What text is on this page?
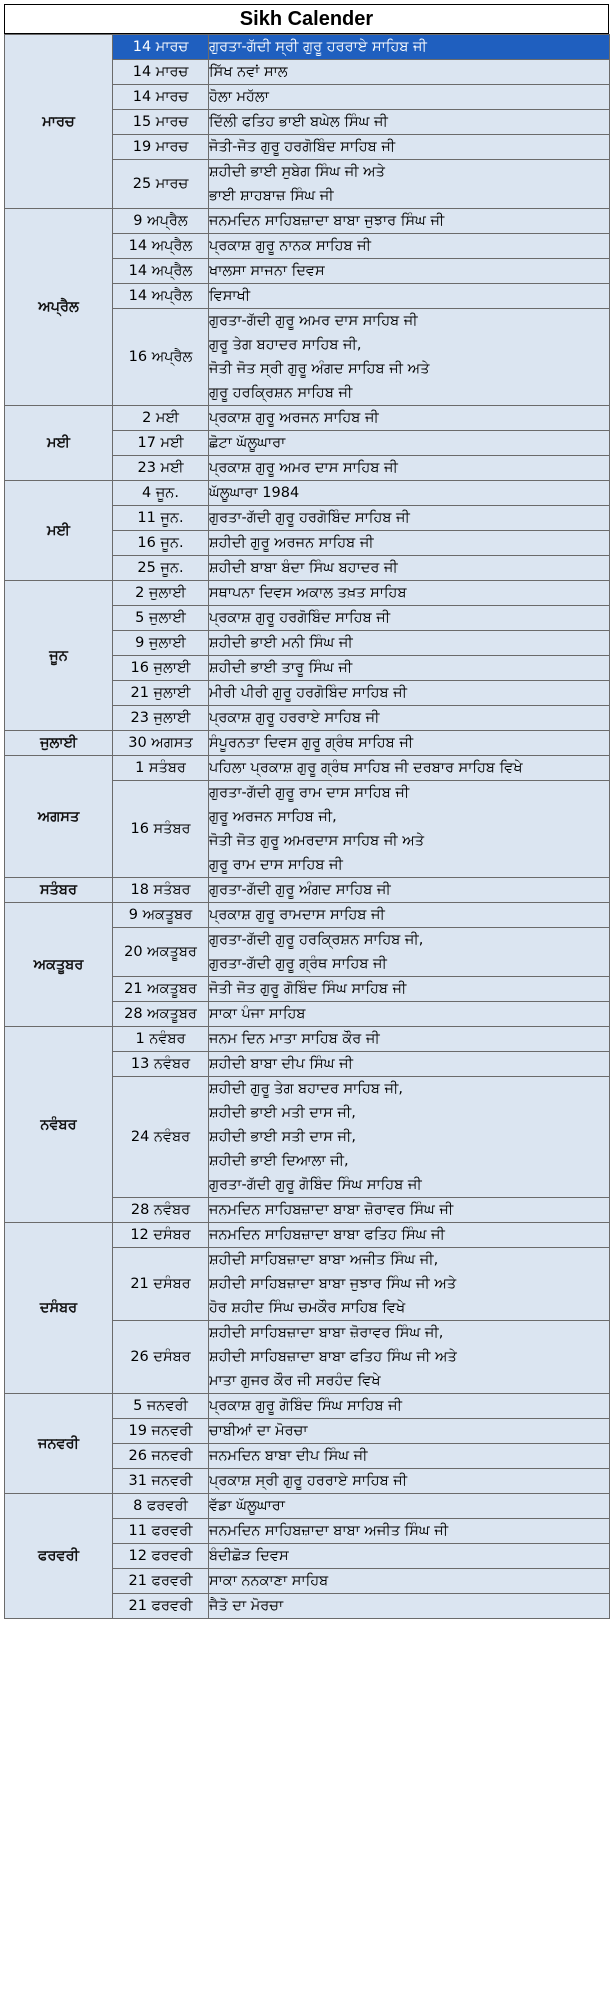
Sikh Calender
ਮਾਰਚ	14 ਮਾਰਚ	ਗੁਰਤਾ-ਗੱਦੀ ਸ੍ਰੀ ਗੁਰੂ ਹਰਰਾਏ ਸਾਹਿਬ ਜੀ

	14 ਮਾਰਚ	ਸਿੱਖ ਨਵਾਂ ਸਾਲ

	14 ਮਾਰਚ	ਹੋਲਾ ਮਹੱਲਾ

	15 ਮਾਰਚ	ਦਿੱਲੀ ਫਤਿਹ ਭਾਈ ਬਘੇਲ ਸਿੰਘ ਜੀ

	19 ਮਾਰਚ	ਜੋਤੀ-ਜੋਤ ਗੁਰੂ ਹਰਗੋਬਿੰਦ ਸਾਹਿਬ ਜੀ

	25 ਮਾਰਚ	ਸ਼ਹੀਦੀ ਭਾਈ ਸੁਬੇਗ ਸਿੰਘ ਜੀ ਅਤੇ
ਭਾਈ ਸ਼ਾਹਬਾਜ਼ ਸਿੰਘ ਜੀ

ਅਪ੍ਰੈਲ	9 ਅਪ੍ਰੈਲ	ਜਨਮਦਿਨ ਸਾਹਿਬਜ਼ਾਦਾ ਬਾਬਾ ਜੁਝਾਰ ਸਿੰਘ ਜੀ

	14 ਅਪ੍ਰੈਲ	ਪ੍ਰਕਾਸ਼ ਗੁਰੂ ਨਾਨਕ ਸਾਹਿਬ ਜੀ

	14 ਅਪ੍ਰੈਲ	ਖਾਲਸਾ ਸਾਜਨਾ ਦਿਵਸ

	14 ਅਪ੍ਰੈਲ	ਵਿਸਾਖੀ

	16 ਅਪ੍ਰੈਲ	ਗੁਰਤਾ-ਗੱਦੀ ਗੁਰੂ ਅਮਰ ਦਾਸ ਸਾਹਿਬ ਜੀ
ਗੁਰੂ ਤੇਗ ਬਹਾਦਰ ਸਾਹਿਬ ਜੀ,
ਜੋਤੀ ਜੋਤ ਸ੍ਰੀ ਗੁਰੂ ਅੰਗਦ ਸਾਹਿਬ ਜੀ ਅਤੇ
ਗੁਰੂ ਹਰਕ੍ਰਿਸ਼ਨ ਸਾਹਿਬ ਜੀ

ਮਈ	2 ਮਈ	ਪ੍ਰਕਾਸ਼ ਗੁਰੂ ਅਰਜਨ ਸਾਹਿਬ ਜੀ

	17 ਮਈ	ਛੋਟਾ ਘੱਲੂਘਾਰਾ

	23 ਮਈ	ਪ੍ਰਕਾਸ਼ ਗੁਰੂ ਅਮਰ ਦਾਸ ਸਾਹਿਬ ਜੀ

ਮਈ	4 ਜੂਨ.	ਘੱਲੂਘਾਰਾ 1984

	11 ਜੂਨ.	ਗੁਰਤਾ-ਗੱਦੀ ਗੁਰੂ ਹਰਗੋਬਿੰਦ ਸਾਹਿਬ ਜੀ

	16 ਜੂਨ.	ਸ਼ਹੀਦੀ ਗੁਰੂ ਅਰਜਨ ਸਾਹਿਬ ਜੀ

	25 ਜੂਨ.	ਸ਼ਹੀਦੀ ਬਾਬਾ ਬੰਦਾ ਸਿੰਘ ਬਹਾਦਰ ਜੀ

ਜੂਨ	2 ਜੁਲਾਈ	ਸਥਾਪਨਾ ਦਿਵਸ ਅਕਾਲ ਤਖ਼ਤ ਸਾਹਿਬ

	5 ਜੁਲਾਈ	ਪ੍ਰਕਾਸ਼ ਗੁਰੂ ਹਰਗੋਬਿੰਦ ਸਾਹਿਬ ਜੀ

	9 ਜੁਲਾਈ	ਸ਼ਹੀਦੀ ਭਾਈ ਮਨੀ ਸਿੰਘ ਜੀ

	16 ਜੁਲਾਈ	ਸ਼ਹੀਦੀ ਭਾਈ ਤਾਰੂ ਸਿੰਘ ਜੀ

	21 ਜੁਲਾਈ	ਮੀਰੀ ਪੀਰੀ ਗੁਰੂ ਹਰਗੋਬਿੰਦ ਸਾਹਿਬ ਜੀ

	23 ਜੁਲਾਈ	ਪ੍ਰਕਾਸ਼ ਗੁਰੂ ਹਰਰਾਏ ਸਾਹਿਬ ਜੀ

ਜੁਲਾਈ	30 ਅਗਸਤ	ਸੰਪੂਰਨਤਾ ਦਿਵਸ ਗੁਰੂ ਗ੍ਰੰਥ ਸਾਹਿਬ ਜੀ

ਅਗਸਤ	1 ਸਤੰਬਰ	ਪਹਿਲਾ ਪ੍ਰਕਾਸ਼ ਗੁਰੂ ਗ੍ਰੰਥ ਸਾਹਿਬ ਜੀ ਦਰਬਾਰ ਸਾਹਿਬ ਵਿਖੇ

	16 ਸਤੰਬਰ	ਗੁਰਤਾ-ਗੱਦੀ ਗੁਰੂ ਰਾਮ ਦਾਸ ਸਾਹਿਬ ਜੀ
ਗੁਰੂ ਅਰਜਨ ਸਾਹਿਬ ਜੀ,
ਜੋਤੀ ਜੋਤ ਗੁਰੂ ਅਮਰਦਾਸ ਸਾਹਿਬ ਜੀ ਅਤੇ
ਗੁਰੂ ਰਾਮ ਦਾਸ ਸਾਹਿਬ ਜੀ

ਸਤੰਬਰ	18 ਸਤੰਬਰ	ਗੁਰਤਾ-ਗੱਦੀ ਗੁਰੂ ਅੰਗਦ ਸਾਹਿਬ ਜੀ

ਅਕਤੂਬਰ	9 ਅਕਤੂਬਰ	ਪ੍ਰਕਾਸ਼ ਗੁਰੂ ਰਾਮਦਾਸ ਸਾਹਿਬ ਜੀ

	20 ਅਕਤੂਬਰ	ਗੁਰਤਾ-ਗੱਦੀ ਗੁਰੂ ਹਰਕ੍ਰਿਸ਼ਨ ਸਾਹਿਬ ਜੀ,
ਗੁਰਤਾ-ਗੱਦੀ ਗੁਰੂ ਗ੍ਰੰਥ ਸਾਹਿਬ ਜੀ

	21 ਅਕਤੂਬਰ	ਜੋਤੀ ਜੋਤ ਗੁਰੂ ਗੋਬਿੰਦ ਸਿੰਘ ਸਾਹਿਬ ਜੀ

	28 ਅਕਤੂਬਰ	ਸਾਕਾ ਪੰਜਾ ਸਾਹਿਬ

ਨਵੰਬਰ	1 ਨਵੰਬਰ	ਜਨਮ ਦਿਨ ਮਾਤਾ ਸਾਹਿਬ ਕੌਰ ਜੀ

	13 ਨਵੰਬਰ	ਸ਼ਹੀਦੀ ਬਾਬਾ ਦੀਪ ਸਿੰਘ ਜੀ

	24 ਨਵੰਬਰ	ਸ਼ਹੀਦੀ ਗੁਰੂ ਤੇਗ ਬਹਾਦਰ ਸਾਹਿਬ ਜੀ,
ਸ਼ਹੀਦੀ ਭਾਈ ਮਤੀ ਦਾਸ ਜੀ,
ਸ਼ਹੀਦੀ ਭਾਈ ਸਤੀ ਦਾਸ ਜੀ,
ਸ਼ਹੀਦੀ ਭਾਈ ਦਿਆਲਾ ਜੀ,
ਗੁਰਤਾ-ਗੱਦੀ ਗੁਰੂ ਗੋਬਿੰਦ ਸਿੰਘ ਸਾਹਿਬ ਜੀ

	28 ਨਵੰਬਰ	ਜਨਮਦਿਨ ਸਾਹਿਬਜ਼ਾਦਾ ਬਾਬਾ ਜ਼ੋਰਾਵਰ ਸਿੰਘ ਜੀ

ਦਸੰਬਰ	12 ਦਸੰਬਰ	ਜਨਮਦਿਨ ਸਾਹਿਬਜ਼ਾਦਾ ਬਾਬਾ ਫਤਿਹ ਸਿੰਘ ਜੀ

	21 ਦਸੰਬਰ	ਸ਼ਹੀਦੀ ਸਾਹਿਬਜ਼ਾਦਾ ਬਾਬਾ ਅਜੀਤ ਸਿੰਘ ਜੀ,
ਸ਼ਹੀਦੀ ਸਾਹਿਬਜ਼ਾਦਾ ਬਾਬਾ ਜੁਝਾਰ ਸਿੰਘ ਜੀ ਅਤੇ
ਹੋਰ ਸ਼ਹੀਦ ਸਿੰਘ ਚਮਕੌਰ ਸਾਹਿਬ ਵਿਖੇ

	26 ਦਸੰਬਰ	ਸ਼ਹੀਦੀ ਸਾਹਿਬਜ਼ਾਦਾ ਬਾਬਾ ਜ਼ੋਰਾਵਰ ਸਿੰਘ ਜੀ,
ਸ਼ਹੀਦੀ ਸਾਹਿਬਜ਼ਾਦਾ ਬਾਬਾ ਫਤਿਹ ਸਿੰਘ ਜੀ ਅਤੇ
ਮਾਤਾ ਗੁਜਰ ਕੌਰ ਜੀ ਸਰਹੰਦ ਵਿਖੇ

ਜਨਵਰੀ	5 ਜਨਵਰੀ	ਪ੍ਰਕਾਸ਼ ਗੁਰੂ ਗੋਬਿੰਦ ਸਿੰਘ ਸਾਹਿਬ ਜੀ

	19 ਜਨਵਰੀ	ਚਾਬੀਆਂ ਦਾ ਮੋਰਚਾ

	26 ਜਨਵਰੀ	ਜਨਮਦਿਨ ਬਾਬਾ ਦੀਪ ਸਿੰਘ ਜੀ

	31 ਜਨਵਰੀ	ਪ੍ਰਕਾਸ਼ ਸ੍ਰੀ ਗੁਰੂ ਹਰਰਾਏ ਸਾਹਿਬ ਜੀ

ਫਰਵਰੀ	8 ਫਰਵਰੀ	ਵੱਡਾ ਘੱਲੂਘਾਰਾ

	11 ਫਰਵਰੀ	ਜਨਮਦਿਨ ਸਾਹਿਬਜ਼ਾਦਾ ਬਾਬਾ ਅਜੀਤ ਸਿੰਘ ਜੀ

	12 ਫਰਵਰੀ	ਬੰਦੀਛੋੜ ਦਿਵਸ

	21 ਫਰਵਰੀ	ਸਾਕਾ ਨਨਕਾਣਾ ਸਾਹਿਬ

	21 ਫਰਵਰੀ	ਜੈਤੋ ਦਾ ਮੋਰਚਾ
